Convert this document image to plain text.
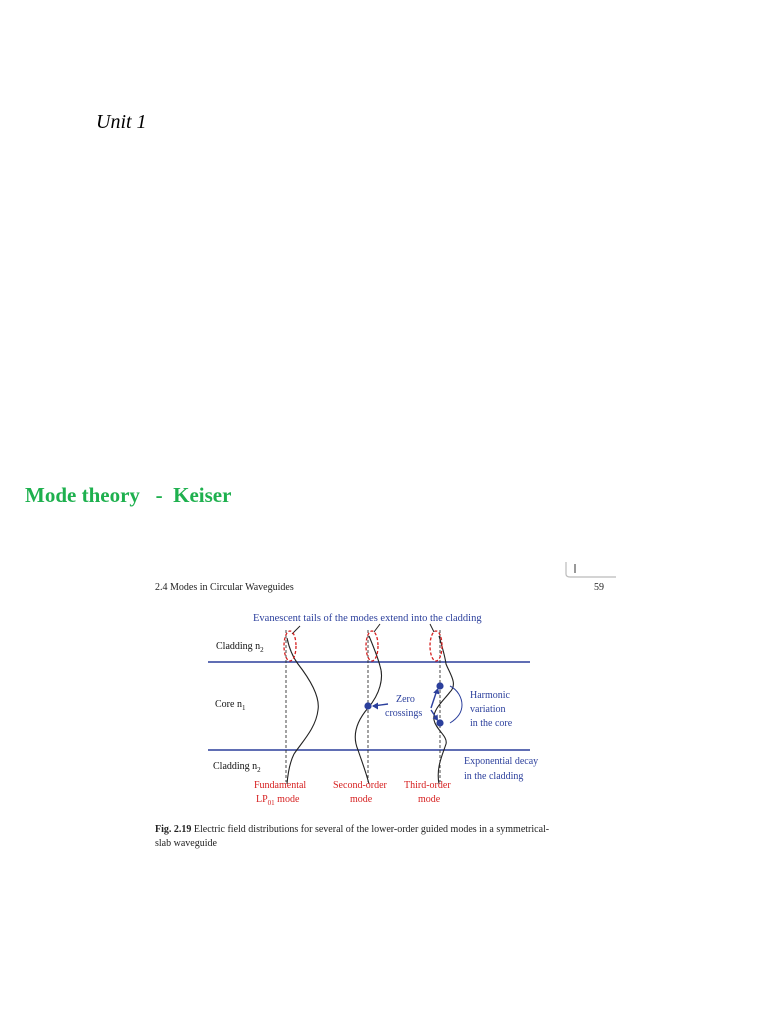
Unit 1
Mode theory   -  Keiser
2.4 Modes in Circular Waveguides	59
Evanescent tails of the modes extend into the cladding
Cladding $n_2$
Core $n_1$
Cladding $n_2$
Zero
crossings
Harmonic
variation
in the core
Exponential decay
in the cladding
Fundamental
$LP_{01}$ mode
Second-order
mode
Third-order
mode
Fig. 2.19 Electric field distributions for several of the lower-order guided modes in a symmetrical-
slab waveguide
